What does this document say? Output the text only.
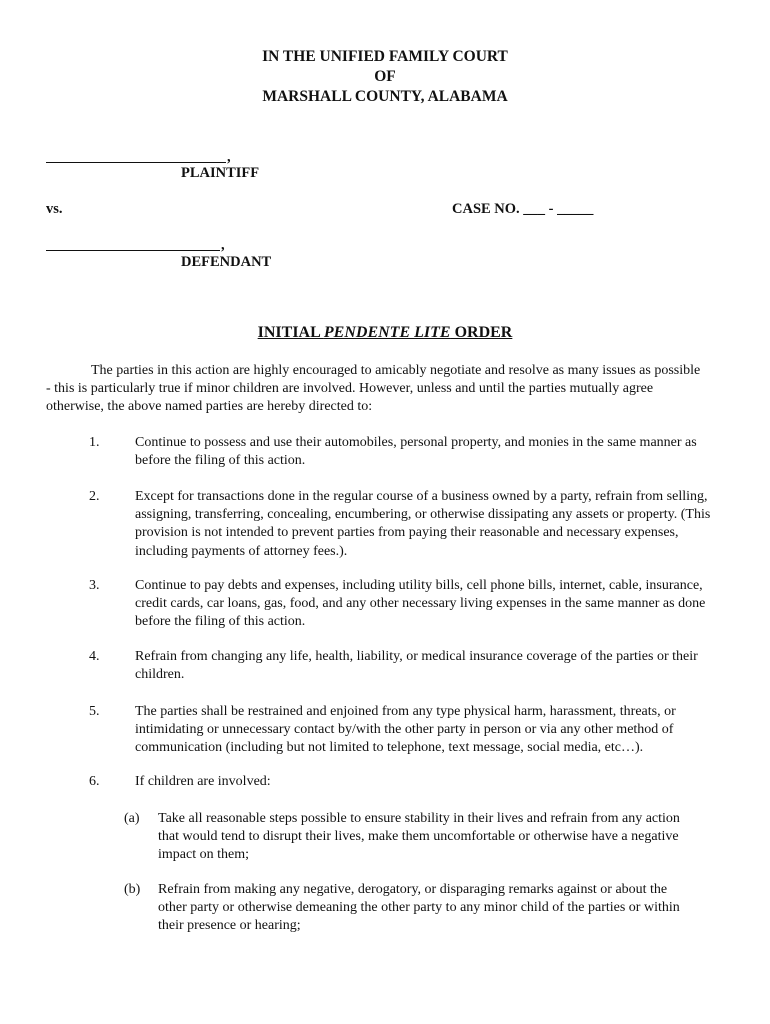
IN THE UNIFIED FAMILY COURT
OF
MARSHALL COUNTY, ALABAMA
,
PLAINTIFF
vs.	CASE NO. ___ - _____
,
DEFENDANT
INITIAL PENDENTE LITE ORDER
The parties in this action are highly encouraged to amicably negotiate and resolve as many issues as possible - this is particularly true if minor children are involved. However, unless and until the parties mutually agree otherwise, the above named parties are hereby directed to:
1.	Continue to possess and use their automobiles, personal property, and monies in the same manner as before the filing of this action.
2.	Except for transactions done in the regular course of a business owned by a party, refrain from selling, assigning, transferring, concealing, encumbering, or otherwise dissipating any assets or property. (This provision is not intended to prevent parties from paying their reasonable and necessary expenses, including payments of attorney fees.).
3.	Continue to pay debts and expenses, including utility bills, cell phone bills, internet, cable, insurance, credit cards, car loans, gas, food, and any other necessary living expenses in the same manner as done before the filing of this action.
4.	Refrain from changing any life, health, liability, or medical insurance coverage of the parties or their children.
5.	The parties shall be restrained and enjoined from any type physical harm, harassment, threats, or intimidating or unnecessary contact by/with the other party in person or via any other method of communication (including but not limited to telephone, text message, social media, etc…).
6.	If children are involved:
(a) Take all reasonable steps possible to ensure stability in their lives and refrain from any action that would tend to disrupt their lives, make them uncomfortable or otherwise have a negative impact on them;
(b) Refrain from making any negative, derogatory, or disparaging remarks against or about the other party or otherwise demeaning the other party to any minor child of the parties or within their presence or hearing;
